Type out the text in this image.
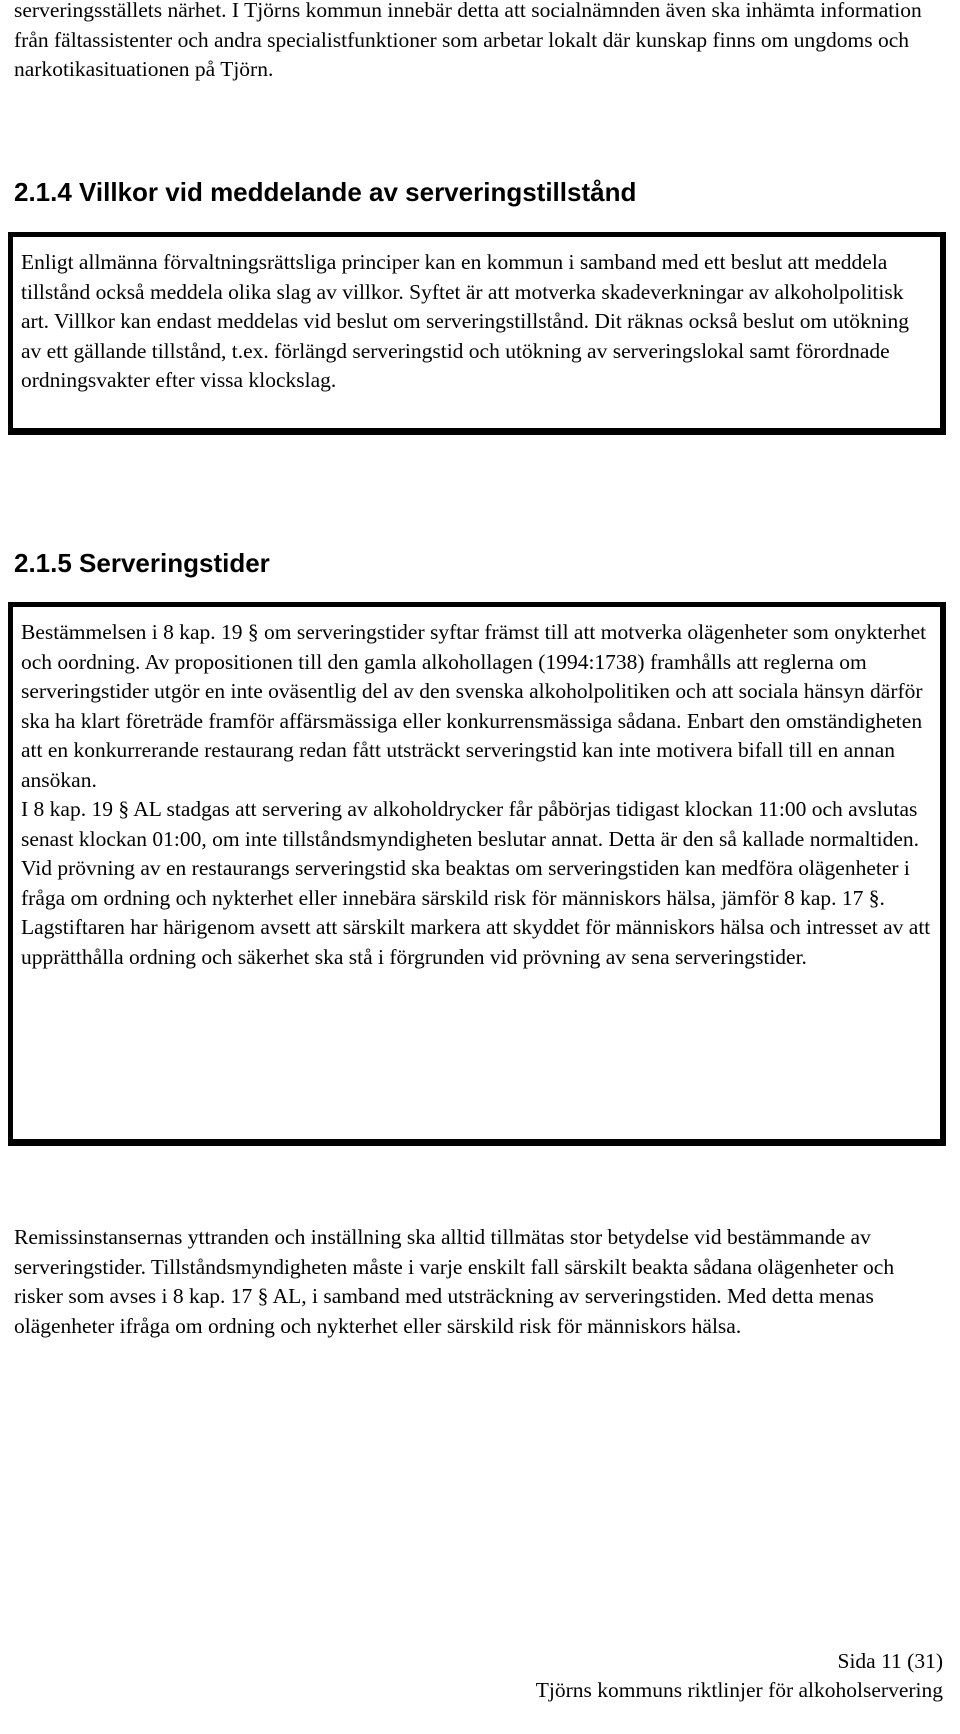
serveringsställets närhet. I Tjörns kommun innebär detta att socialnämnden även ska inhämta information från fältassistenter och andra specialistfunktioner som arbetar lokalt där kunskap finns om ungdoms och narkotikasituationen på Tjörn.

2.1.4 Villkor vid meddelande av serveringstillstånd

Enligt allmänna förvaltningsrättsliga principer kan en kommun i samband med ett beslut att meddela tillstånd också meddela olika slag av villkor. Syftet är att motverka skadeverkningar av alkoholpolitisk art. Villkor kan endast meddelas vid beslut om serveringstillstånd. Dit räknas också beslut om utökning av ett gällande tillstånd, t.ex. förlängd serveringstid och utökning av serveringslokal samt förordnade ordningsvakter efter vissa klockslag.

2.1.5 Serveringstider

Bestämmelsen i 8 kap. 19 § om serveringstider syftar främst till att motverka olägenheter som onykterhet och oordning. Av propositionen till den gamla alkohollagen (1994:1738) framhålls att reglerna om serveringstider utgör en inte oväsentlig del av den svenska alkoholpolitiken och att sociala hänsyn därför ska ha klart företräde framför affärsmässiga eller konkurrensmässiga sådana. Enbart den omständigheten att en konkurrerande restaurang redan fått utsträckt serveringstid kan inte motivera bifall till en annan ansökan.

I 8 kap. 19 § AL stadgas att servering av alkoholdrycker får påbörjas tidigast klockan 11:00 och avslutas senast klockan 01:00, om inte tillståndsmyndigheten beslutar annat. Detta är den så kallade normaltiden.

Vid prövning av en restaurangs serveringstid ska beaktas om serveringstiden kan medföra olägenheter i fråga om ordning och nykterhet eller innebära särskild risk för människors hälsa, jämför 8 kap. 17 §. Lagstiftaren har härigenom avsett att särskilt markera att skyddet för människors hälsa och intresset av att upprätthålla ordning och säkerhet ska stå i förgrunden vid prövning av sena serveringstider.

Remissinstansernas yttranden och inställning ska alltid tillmätas stor betydelse vid bestämmande av serveringstider. Tillståndsmyndigheten måste i varje enskilt fall särskilt beakta sådana olägenheter och risker som avses i 8 kap. 17 § AL, i samband med utsträckning av serveringstiden. Med detta menas olägenheter ifråga om ordning och nykterhet eller särskild risk för människors hälsa.

Sida 11 (31)
Tjörns kommuns riktlinjer för alkoholservering
